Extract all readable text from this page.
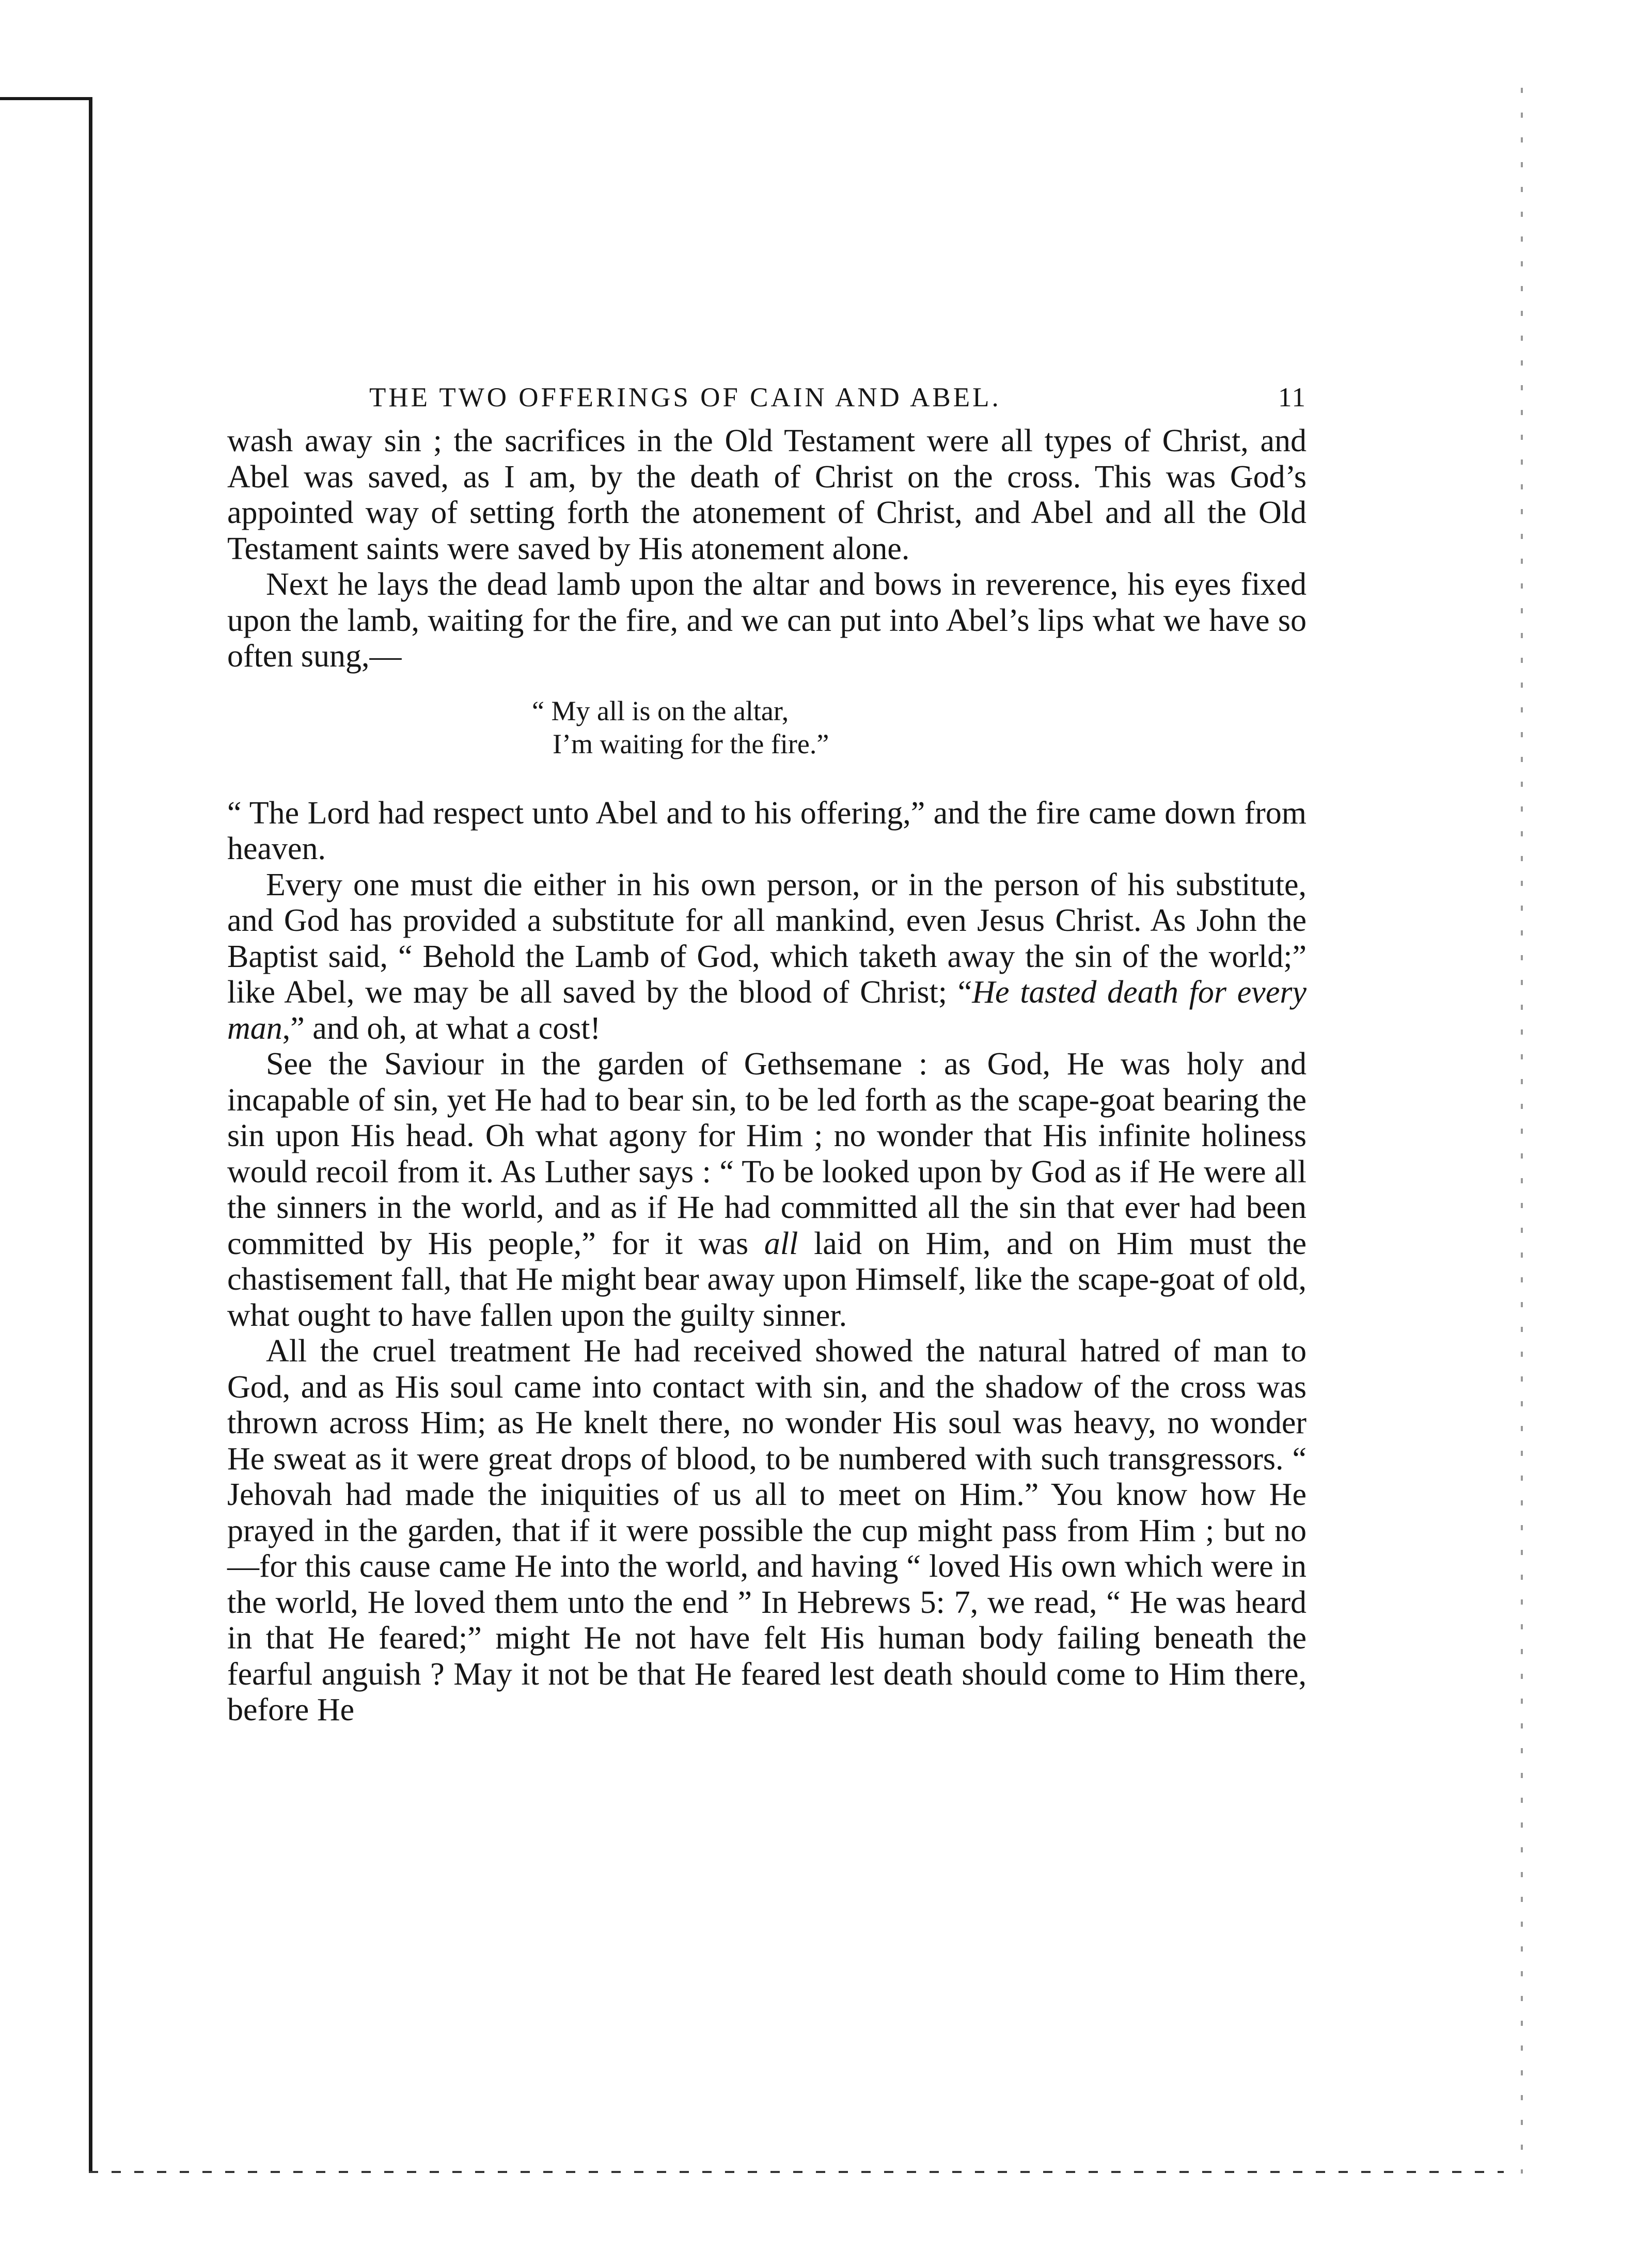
THE TWO OFFERINGS OF CAIN AND ABEL.	11

wash away sin ; the sacrifices in the Old Testament were all types of Christ, and Abel was saved, as I am, by the death of Christ on the cross. This was God’s appointed way of setting forth the atonement of Christ, and Abel and all the Old Testament saints were saved by His atonement alone.

Next he lays the dead lamb upon the altar and bows in reverence, his eyes fixed upon the lamb, waiting for the fire, and we can put into Abel’s lips what we have so often sung,—

“ My all is on the altar,

I’m waiting for the fire.”

“ The Lord had respect unto Abel and to his offering,” and the fire came down from heaven.

Every one must die either in his own person, or in the person of his substitute, and God has provided a substitute for all mankind, even Jesus Christ. As John the Baptist said, “ Behold the Lamb of God, which taketh away the sin of the world;” like Abel, we may be all saved by the blood of Christ; “He tasted death for every man,” and oh, at what a cost!

See the Saviour in the garden of Gethsemane : as God, He was holy and incapable of sin, yet He had to bear sin, to be led forth as the scape-goat bearing the sin upon His head. Oh what agony for Him ; no wonder that His infinite holiness would recoil from it. As Luther says : “ To be looked upon by God as if He were all the sinners in the world, and as if He had committed all the sin that ever had been committed by His people,” for it was all laid on Him, and on Him must the chastisement fall, that He might bear away upon Himself, like the scape-goat of old, what ought to have fallen upon the guilty sinner.

All the cruel treatment He had received showed the natural hatred of man to God, and as His soul came into contact with sin, and the shadow of the cross was thrown across Him; as He knelt there, no wonder His soul was heavy, no wonder He sweat as it were great drops of blood, to be numbered with such transgressors. “ Jehovah had made the iniquities of us all to meet on Him.” You know how He prayed in the garden, that if it were possible the cup might pass from Him ; but no—for this cause came He into the world, and having “ loved His own which were in the world, He loved them unto the end ” In Hebrews 5: 7, we read, “ He was heard in that He feared;” might He not have felt His human body failing beneath the fearful anguish ? May it not be that He feared lest death should come to Him there, before He
